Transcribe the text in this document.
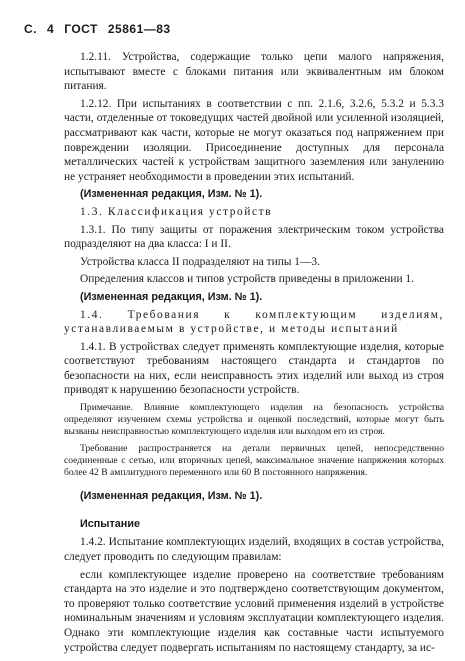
С. 4 ГОСТ 25861—83

1.2.11. Устройства, содержащие только цепи малого напряжения, испытывают вместе с блоками питания или эквивалентным им блоком питания.

1.2.12. При испытаниях в соответствии с пп. 2.1.6, 3.2.6, 5.3.2 и 5.3.3 части, отделенные от токоведущих частей двойной или усиленной изоляцией, рассматривают как части, которые не могут оказаться под напряжением при повреждении изоляции. Присоединение доступных для персонала металлических частей к устройствам защитного заземления или занулению не устраняет необходимости в проведении этих испытаний.

(Измененная редакция, Изм. № 1).

1.3. Классификация устройств

1.3.1. По типу защиты от поражения электрическим током устройства подразделяют на два класса: I и II.

Устройства класса II подразделяют на типы 1—3.

Определения классов и типов устройств приведены в приложении 1.

(Измененная редакция, Изм. № 1).

1.4. Требования к комплектующим изделиям, устанавливаемым в устройстве, и методы испытаний

1.4.1. В устройствах следует применять комплектующие изделия, которые соответствуют требованиям настоящего стандарта и стандартов по безопасности на них, если неисправность этих изделий или выход из строя приводят к нарушению безопасности устройств.

Примечание. Влияние комплектующего изделия на безопасность устройства определяют изучением схемы устройства и оценкой последствий, которые могут быть вызваны неисправностью комплектующего изделия или выходом его из строя.

Требование распространяется на детали первичных цепей, непосредственно соединенные с сетью, или вторичных цепей, максимальное значение напряжения которых более 42 В амплитудного переменного или 60 В постоянного напряжения.

(Измененная редакция, Изм. № 1).

Испытание

1.4.2. Испытание комплектующих изделий, входящих в состав устройства, следует проводить по следующим правилам:

если комплектующее изделие проверено на соответствие требованиям стандарта на это изделие и это подтверждено соответствующим документом, то проверяют только соответствие условий применения изделий в устройстве номинальным значениям и условиям эксплуатации комплектующего изделия. Однако эти комплектующие изделия как составные части испытуемого устройства следует подвергать испытаниям по настоящему стандарту, за ис-
